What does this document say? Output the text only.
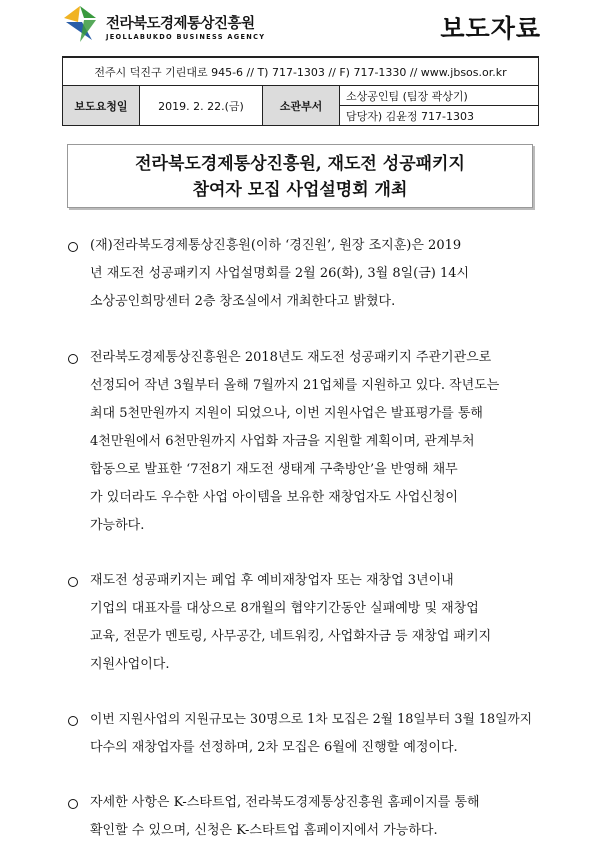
전라북도경제통상진흥원
JEOLLABUKDO BUSINESS AGENCY	보도자료
전주시 덕진구 기린대로 945-6 // T) 717-1303 // F) 717-1330 // www.jbsos.or.kr
보도요청일	2019. 2. 22.(금)	소관부서	소상공인팀 (팀장 곽상기)
담당자) 김윤정 717-1303
전라북도경제통상진흥원, 재도전 성공패키지
참여자 모집 사업설명회 개최
(재)전라북도경제통상진흥원(이하 ‘경진원’, 원장 조지훈)은 2019
년 재도전 성공패키지 사업설명회를 2월 26(화), 3월 8일(금) 14시
소상공인희망센터 2층 창조실에서 개최한다고 밝혔다.
전라북도경제통상진흥원은 2018년도 재도전 성공패키지 주관기관으로
선정되어 작년 3월부터 올해 7월까지 21업체를 지원하고 있다. 작년도는
최대 5천만원까지 지원이 되었으나, 이번 지원사업은 발표평가를 통해
4천만원에서 6천만원까지 사업화 자금을 지원할 계획이며, 관계부처
합동으로 발표한 ‘7전8기 재도전 생태계 구축방안’을 반영해 채무
가 있더라도 우수한 사업 아이템을 보유한 재창업자도 사업신청이
가능하다.
재도전 성공패키지는 폐업 후 예비재창업자 또는 재창업 3년이내
기업의 대표자를 대상으로 8개월의 협약기간동안 실패예방 및 재창업
교육, 전문가 멘토링, 사무공간, 네트워킹, 사업화자금 등 재창업 패키지
지원사업이다.
이번 지원사업의 지원규모는 30명으로 1차 모집은 2월 18일부터 3월 18일까지
다수의 재창업자를 선정하며, 2차 모집은 6월에 진행할 예정이다.
자세한 사항은 K-스타트업, 전라북도경제통상진흥원 홈페이지를 통해
확인할 수 있으며, 신청은 K-스타트업 홈페이지에서 가능하다.
